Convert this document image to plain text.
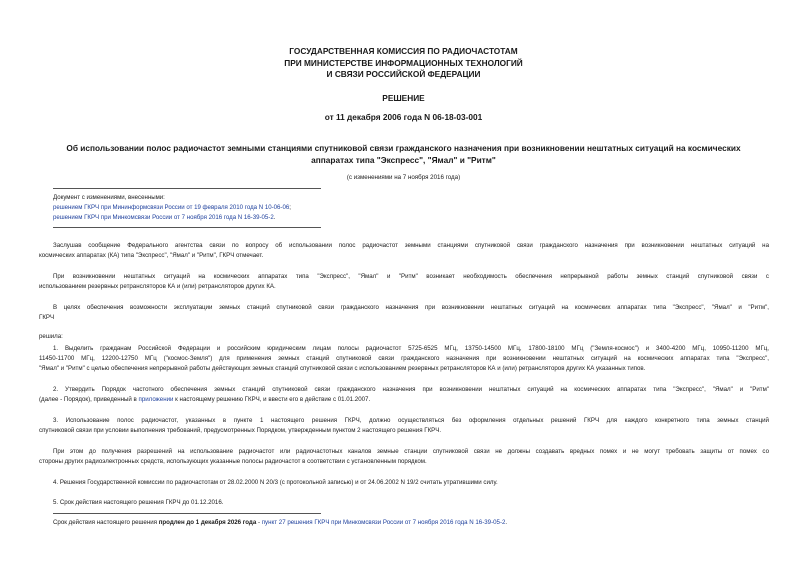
ГОСУДАРСТВЕННАЯ КОМИССИЯ ПО РАДИОЧАСТОТАМ
ПРИ МИНИСТЕРСТВЕ ИНФОРМАЦИОННЫХ ТЕХНОЛОГИЙ
И СВЯЗИ РОССИЙСКОЙ ФЕДЕРАЦИИ
РЕШЕНИЕ
от 11 декабря 2006 года N 06-18-03-001
Об использовании полос радиочастот земными станциями спутниковой связи гражданского назначения при возникновении нештатных ситуаций на космических
аппаратах типа "Экспресс", "Ямал" и "Ритм"
(с изменениями на 7 ноября 2016 года)
Документ с изменениями, внесенными:
решением ГКРЧ при Мининформсвязи России от 19 февраля 2010 года N 10-06-06;
решением ГКРЧ при Минкомсвязи России от 7 ноября 2016 года N 16-39-05-2.
Заслушав сообщение Федерального агентства связи по вопросу об использовании полос радиочастот земными станциями спутниковой связи гражданского назначения при возникновении нештатных ситуаций на
космических аппаратах (КА) типа "Экспресс", "Ямал" и "Ритм", ГКРЧ отмечает.
При возникновении нештатных ситуаций на космических аппаратах типа "Экспресс", "Ямал" и "Ритм" возникает необходимость обеспечения непрерывной работы земных станций спутниковой связи с
использованием резервных ретрансляторов КА и (или) ретрансляторов других КА.
В целях обеспечения возможности эксплуатации земных станций спутниковой связи гражданского назначения при возникновении нештатных ситуаций на космических аппаратах типа "Экспресс", "Ямал" и "Ритм",
ГКРЧ
решила:
1. Выделить гражданам Российской Федерации и российским юридическим лицам полосы радиочастот 5725-6525 МГц, 13750-14500 МГц, 17800-18100 МГц ("Земля-космос") и 3400-4200 МГц, 10950-11200 МГц,
11450-11700 МГц, 12200-12750 МГц ("космос-Земля") для применения земных станций спутниковой связи гражданского назначения при возникновении нештатных ситуаций на космических аппаратах типа "Экспресс",
"Ямал" и "Ритм" с целью обеспечения непрерывной работы действующих земных станций спутниковой связи с использованием резервных ретрансляторов КА и (или) ретрансляторов других КА указанных типов.
2. Утвердить Порядок частотного обеспечения земных станций спутниковой связи гражданского назначения при возникновении нештатных ситуаций на космических аппаратах типа "Экспресс", "Ямал" и "Ритм"
(далее - Порядок), приведенный в приложении к настоящему решению ГКРЧ, и ввести его в действие с 01.01.2007.
3. Использование полос радиочастот, указанных в пункте 1 настоящего решения ГКРЧ, должно осуществляться без оформления отдельных решений ГКРЧ для каждого конкретного типа земных станций
спутниковой связи при условии выполнения требований, предусмотренных Порядком, утвержденным пунктом 2 настоящего решения ГКРЧ.
При этом до получения разрешений на использование радиочастот или радиочастотных каналов земные станции спутниковой связи не должны создавать вредных помех и не могут требовать защиты от помех со
стороны других радиоэлектронных средств, использующих указанные полосы радиочастот в соответствии с установленным порядком.
4. Решения Государственной комиссии по радиочастотам от 28.02.2000 N 20/3 (с протокольной записью) и от 24.06.2002 N 19/2 считать утратившими силу.
5. Срок действия настоящего решения ГКРЧ до 01.12.2016.
Срок действия настоящего решения продлен до 1 декабря 2026 года - пункт 27 решения ГКРЧ при Минкомсвязи России от 7 ноября 2016 года N 16-39-05-2.
